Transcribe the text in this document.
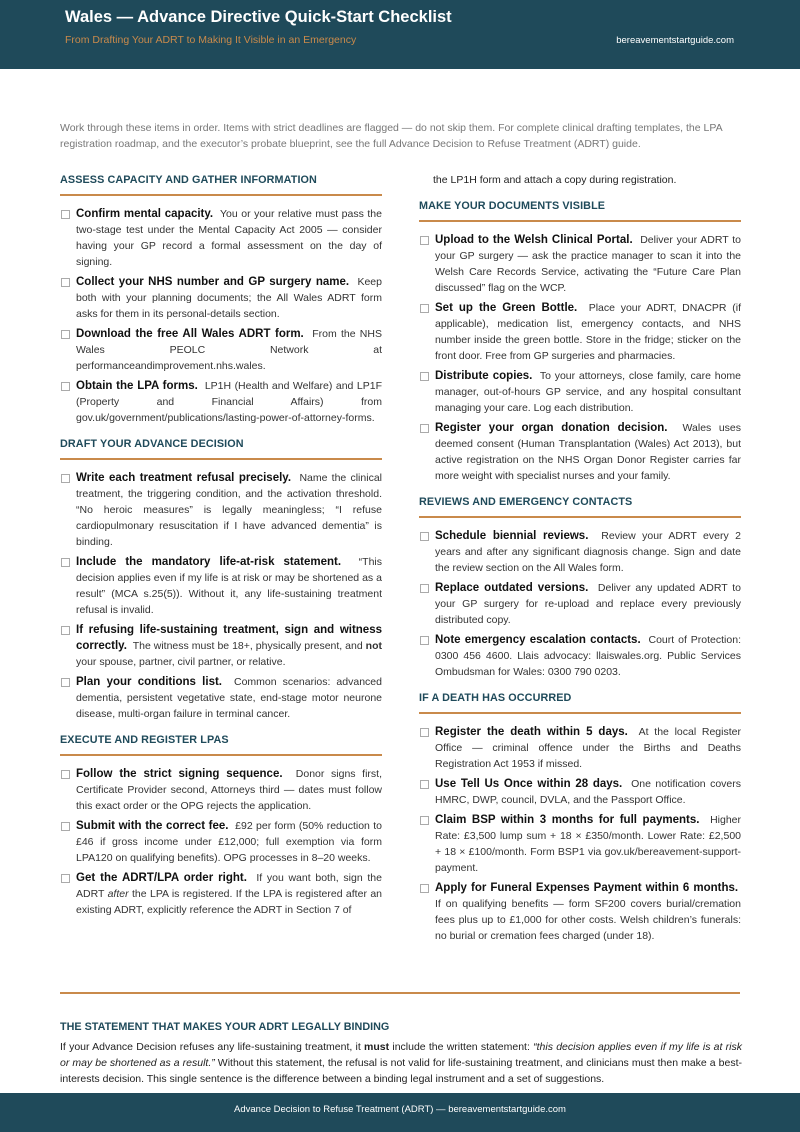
Wales — Advance Directive Quick-Start Checklist
From Drafting Your ADRT to Making It Visible in an Emergency	bereavementstartguide.com
Work through these items in order. Items with strict deadlines are flagged — do not skip them. For complete clinical drafting templates, the LPA registration roadmap, and the executor’s probate blueprint, see the full Advance Decision to Refuse Treatment (ADRT) guide.
ASSESS CAPACITY AND GATHER INFORMATION
Confirm mental capacity. You or your relative must pass the two-stage test under the Mental Capacity Act 2005 — consider having your GP record a formal assessment on the day of signing.
Collect your NHS number and GP surgery name. Keep both with your planning documents; the All Wales ADRT form asks for them in its personal-details section.
Download the free All Wales ADRT form. From the NHS Wales PEOLC Network at performanceandimprovement.nhs.wales.
Obtain the LPA forms. LP1H (Health and Welfare) and LP1F (Property and Financial Affairs) from gov.uk/government/publications/lasting-power-of-attorney-forms.
DRAFT YOUR ADVANCE DECISION
Write each treatment refusal precisely. Name the clinical treatment, the triggering condition, and the activation threshold. “No heroic measures” is legally meaningless; “I refuse cardiopulmonary resuscitation if I have advanced dementia” is binding.
Include the mandatory life-at-risk statement. “This decision applies even if my life is at risk or may be shortened as a result” (MCA s.25(5)). Without it, any life-sustaining treatment refusal is invalid.
If refusing life-sustaining treatment, sign and witness correctly. The witness must be 18+, physically present, and not your spouse, partner, civil partner, or relative.
Plan your conditions list. Common scenarios: advanced dementia, persistent vegetative state, end-stage motor neurone disease, multi-organ failure in terminal cancer.
EXECUTE AND REGISTER LPAS
Follow the strict signing sequence. Donor signs first, Certificate Provider second, Attorneys third — dates must follow this exact order or the OPG rejects the application.
Submit with the correct fee. £92 per form (50% reduction to £46 if gross income under £12,000; full exemption via form LPA120 on qualifying benefits). OPG processes in 8–20 weeks.
Get the ADRT/LPA order right. If you want both, sign the ADRT after the LPA is registered. If the LPA is registered after an existing ADRT, explicitly reference the ADRT in Section 7 of
the LP1H form and attach a copy during registration.
MAKE YOUR DOCUMENTS VISIBLE
Upload to the Welsh Clinical Portal. Deliver your ADRT to your GP surgery — ask the practice manager to scan it into the Welsh Care Records Service, activating the “Future Care Plan discussed” flag on the WCP.
Set up the Green Bottle. Place your ADRT, DNACPR (if applicable), medication list, emergency contacts, and NHS number inside the green bottle. Store in the fridge; sticker on the front door. Free from GP surgeries and pharmacies.
Distribute copies. To your attorneys, close family, care home manager, out-of-hours GP service, and any hospital consultant managing your care. Log each distribution.
Register your organ donation decision. Wales uses deemed consent (Human Transplantation (Wales) Act 2013), but active registration on the NHS Organ Donor Register carries far more weight with specialist nurses and your family.
REVIEWS AND EMERGENCY CONTACTS
Schedule biennial reviews. Review your ADRT every 2 years and after any significant diagnosis change. Sign and date the review section on the All Wales form.
Replace outdated versions. Deliver any updated ADRT to your GP surgery for re-upload and replace every previously distributed copy.
Note emergency escalation contacts. Court of Protection: 0300 456 4600. Llais advocacy: llaiswales.org. Public Services Ombudsman for Wales: 0300 790 0203.
IF A DEATH HAS OCCURRED
Register the death within 5 days. At the local Register Office — criminal offence under the Births and Deaths Registration Act 1953 if missed.
Use Tell Us Once within 28 days. One notification covers HMRC, DWP, council, DVLA, and the Passport Office.
Claim BSP within 3 months for full payments. Higher Rate: £3,500 lump sum + 18 × £350/month. Lower Rate: £2,500 + 18 × £100/month. Form BSP1 via gov.uk/bereavement-support-payment.
Apply for Funeral Expenses Payment within 6 months.  If on qualifying benefits — form SF200 covers burial/cremation fees plus up to £1,000 for other costs. Welsh children’s funerals: no burial or cremation fees charged (under 18).
THE STATEMENT THAT MAKES YOUR ADRT LEGALLY BINDING
If your Advance Decision refuses any life-sustaining treatment, it must include the written statement: “this decision applies even if my life is at risk or may be shortened as a result.” Without this statement, the refusal is not valid for life-sustaining treatment, and clinicians must then make a best-interests decision. This single sentence is the difference between a binding legal instrument and a set of suggestions.
Advance Decision to Refuse Treatment (ADRT) — bereavementstartguide.com
